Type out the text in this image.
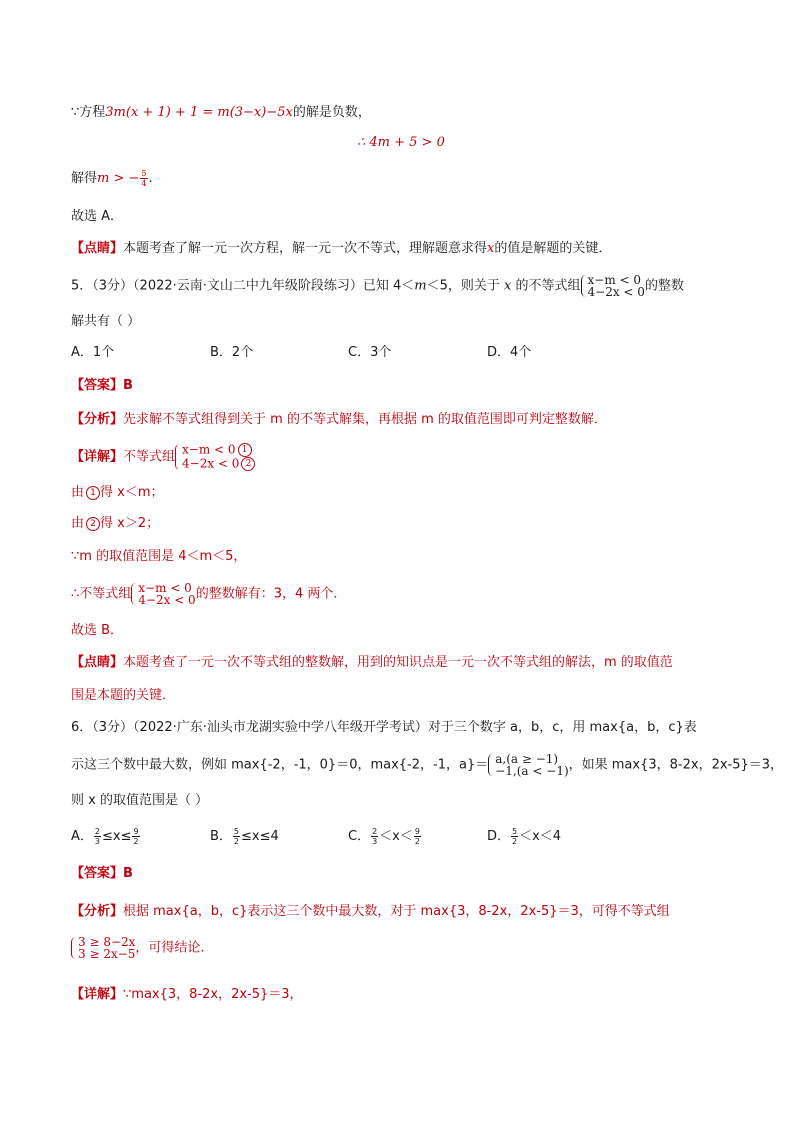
∵方程3m(x + 1) + 1 = m(3−x)−5x的解是负数，
∴ 4m + 5 > 0
解得m > − $\frac{5}{4}$ .
故选 A．
【点睛】本题考查了解一元一次方程，解一元一次不等式，理解题意求得x的值是解题的关键．
5．（3分）（2022·云南·文山二中九年级阶段练习）已知 4＜m＜5，则关于 x 的不等式组 x−m < 0
4−2x < 0 的整数
解共有（ ）
A．1个	B．2个	C．3个	D．4个
【答案】B
【分析】先求解不等式组得到关于 m 的不等式解集，再根据 m 的取值范围即可判定整数解．
【详解】不等式组 x−m < 0 1
4−2x < 0 2
由 1 得 x＜m；
由 2 得 x＞2；
∵m 的取值范围是 4＜m＜5，
∴不等式组 x−m < 0
4−2x < 0 的整数解有：3，4 两个．
故选 B．
【点睛】本题考查了一元一次不等式组的整数解，用到的知识点是一元一次不等式组的解法，m 的取值范
围是本题的关键．
6．（3分）（2022·广东·汕头市龙湖实验中学八年级开学考试）对于三个数字 a，b，c，用 max{a，b，c}表
示这三个数中最大数，例如 max{-2，-1，0}＝0，max{-2，-1，a}＝ a,(a ≥ −1)
−1,(a < −1) ，如果 max{3，8-2x，2x-5}＝3，
则 x 的取值范围是（ ）
A． $\frac{2}{3} \le x\le \frac{9}{2}$	B． $\frac{5}{2} \le x\le 4$	C． $\frac{2}{3} <x< \frac{9}{2}$	D． $\frac{5}{2} <x<4$
【答案】B
【分析】根据 max{a，b，c}表示这三个数中最大数，对于 max{3，8-2x，2x-5}＝3，可得不等式组
3 ≥ 8−2x
3 ≥ 2x−5 ，可得结论.
【详解】∵max{3，8-2x，2x-5}＝3，
